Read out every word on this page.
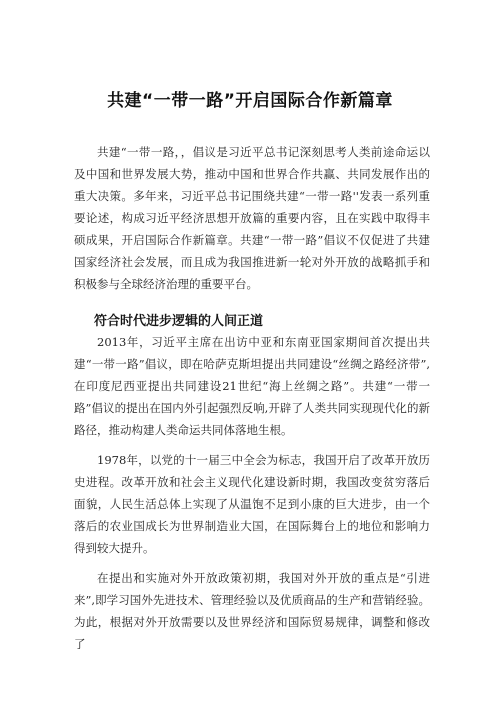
共建“一带一路”开启国际合作新篇章
共建“一带一路，，倡议是习近平总书记深刻思考人类前途命运以及中国和世界发展大势，推动中国和世界合作共赢、共同发展作出的重大决策。多年来，习近平总书记围绕共建“一带一路''发表一系列重要论述，构成习近平经济思想开放篇的重要内容，且在实践中取得丰硕成果，开启国际合作新篇章。共建“一带一路”倡议不仅促进了共建国家经济社会发展，而且成为我国推进新一轮对外开放的战略抓手和积极参与全球经济治理的重要平台。
符合时代进步逻辑的人间正道
2013年，习近平主席在出访中亚和东南亚国家期间首次提出共建“一带一路”倡议，即在哈萨克斯坦提出共同建设“丝绸之路经济带”,在印度尼西亚提出共同建设21世纪“海上丝绸之路”。共建“一带一路”倡议的提出在国内外引起强烈反响,开辟了人类共同实现现代化的新路径，推动构建人类命运共同体落地生根。
1978年，以党的十一届三中全会为标志，我国开启了改革开放历史进程。改革开放和社会主义现代化建设新时期，我国改变贫穷落后面貌，人民生活总体上实现了从温饱不足到小康的巨大进步，由一个落后的农业国成长为世界制造业大国，在国际舞台上的地位和影响力得到较大提升。
在提出和实施对外开放政策初期，我国对外开放的重点是“引进来”,即学习国外先进技术、管理经验以及优质商品的生产和营销经验。为此，根据对外开放需要以及世界经济和国际贸易规律，调整和修改了
